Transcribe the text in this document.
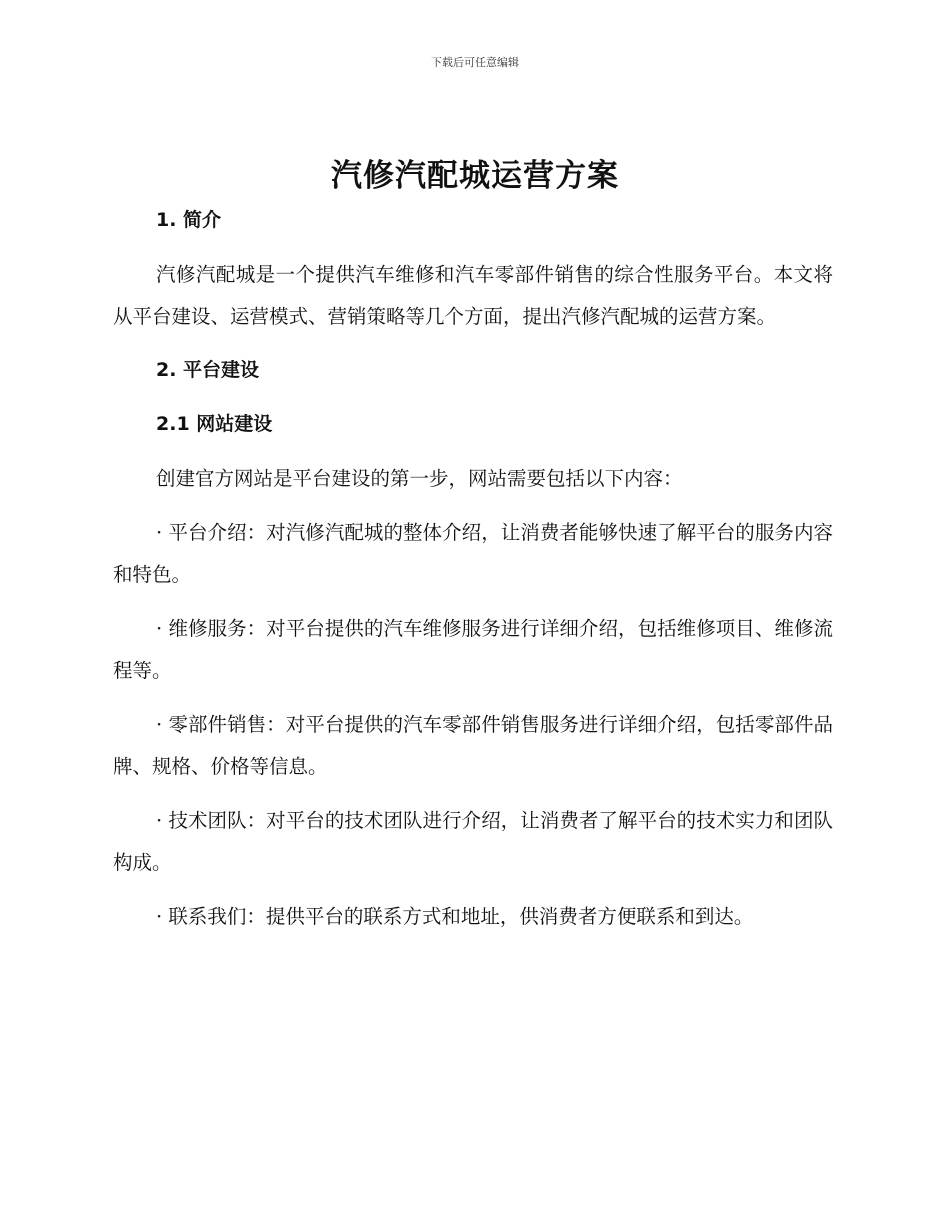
下载后可任意编辑
汽修汽配城运营方案
1. 简介

汽修汽配城是一个提供汽车维修和汽车零部件销售的综合性服务平台。本文将从平台建设、运营模式、营销策略等几个方面，提出汽修汽配城的运营方案。

2. 平台建设
2.1 网站建设

创建官方网站是平台建设的第一步，网站需要包括以下内容：

· 平台介绍：对汽修汽配城的整体介绍，让消费者能够快速了解平台的服务内容和特色。

· 维修服务：对平台提供的汽车维修服务进行详细介绍，包括维修项目、维修流程等。

· 零部件销售：对平台提供的汽车零部件销售服务进行详细介绍，包括零部件品牌、规格、价格等信息。

· 技术团队：对平台的技术团队进行介绍，让消费者了解平台的技术实力和团队构成。

· 联系我们：提供平台的联系方式和地址，供消费者方便联系和到达。
